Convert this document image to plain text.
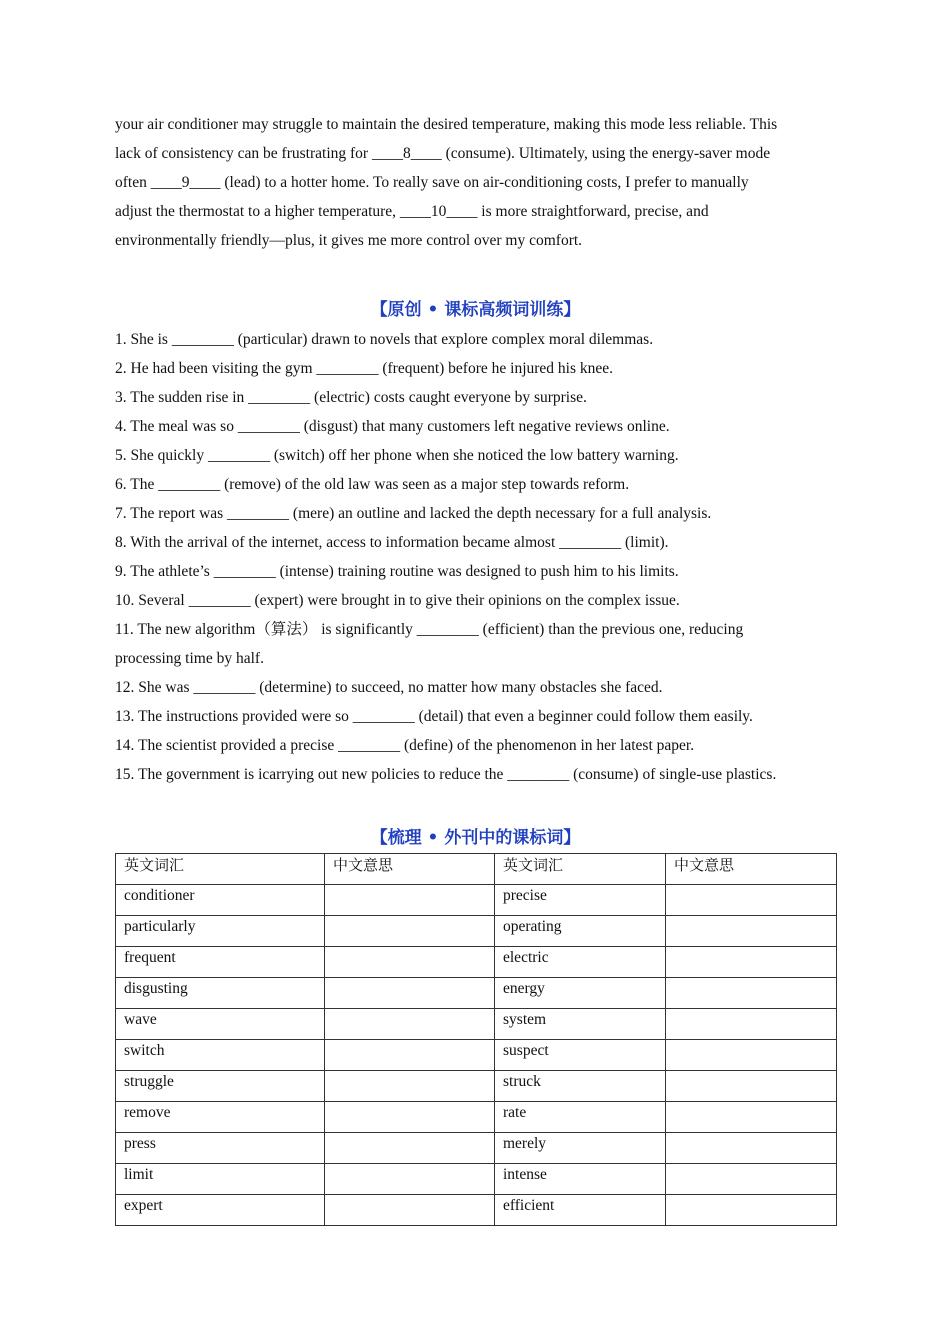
your air conditioner may struggle to maintain the desired temperature, making this mode less reliable. This

lack of consistency can be frustrating for ____8____ (consume). Ultimately, using the energy-saver mode

often ____9____ (lead) to a hotter home. To really save on air-conditioning costs, I prefer to manually

adjust the thermostat to a higher temperature, ____10____ is more straightforward, precise, and

environmentally friendly—plus, it gives me more control over my comfort.

【原创 • 课标高频词训练】
1. She is ________ (particular) drawn to novels that explore complex moral dilemmas.
2. He had been visiting the gym ________ (frequent) before he injured his knee.
3. The sudden rise in ________ (electric) costs caught everyone by surprise.
4. The meal was so ________ (disgust) that many customers left negative reviews online.
5. She quickly ________ (switch) off her phone when she noticed the low battery warning.
6. The ________ (remove) of the old law was seen as a major step towards reform.
7. The report was ________ (mere) an outline and lacked the depth necessary for a full analysis.
8. With the arrival of the internet, access to information became almost ________ (limit).
9. The athlete’s ________ (intense) training routine was designed to push him to his limits.
10. Several ________ (expert) were brought in to give their opinions on the complex issue.
11. The new algorithm（算法） is significantly ________ (efficient) than the previous one, reducing
processing time by half.
12. She was ________ (determine) to succeed, no matter how many obstacles she faced.
13. The instructions provided were so ________ (detail) that even a beginner could follow them easily.
14. The scientist provided a precise ________ (define) of the phenomenon in her latest paper.
15. The government is icarrying out new policies to reduce the ________ (consume) of single-use plastics.
【梳理 • 外刊中的课标词】
英文词汇	中文意思	英文词汇	中文意思
conditioner		precise	
particularly		operating	
frequent		electric	
disgusting		energy	
wave		system	
switch		suspect	
struggle		struck	
remove		rate	
press		merely	
limit		intense	
expert		efficient	
